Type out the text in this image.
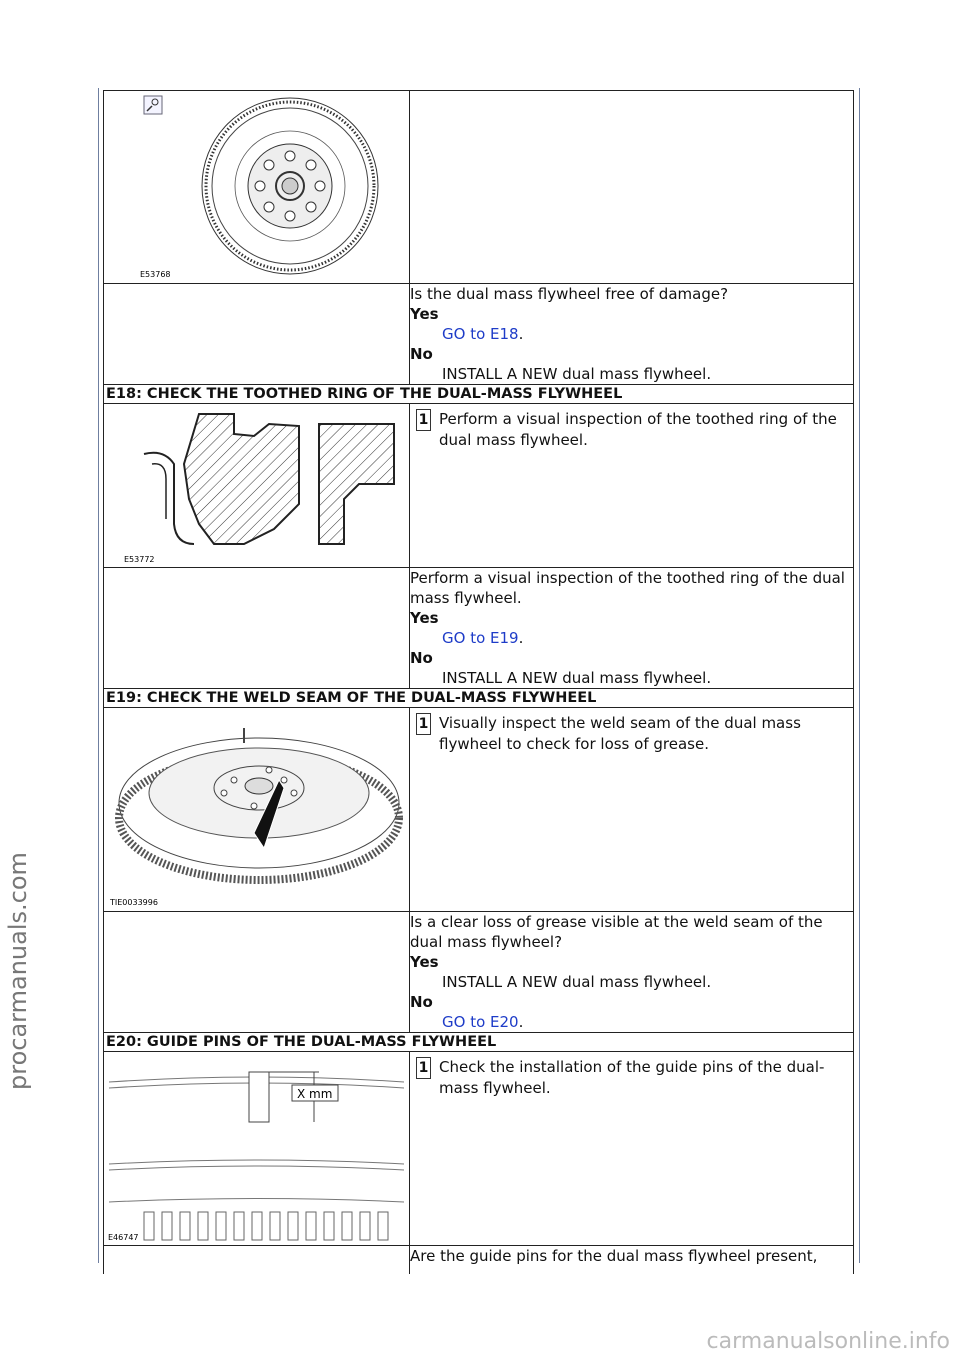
procarmanuals.com
E53768	

	Is the dual mass flywheel free of damage?
Yes
GO to E18.
No
INSTALL A NEW dual mass flywheel.

E18: CHECK THE TOOTHED RING OF THE DUAL-MASS FLYWHEEL	

E53772	1 Perform a visual inspection of the toothed ring of the dual mass flywheel.

	Perform a visual inspection of the toothed ring of the dual mass flywheel.
Yes
GO to E19.
No
INSTALL A NEW dual mass flywheel.

E19: CHECK THE WELD SEAM OF THE DUAL-MASS FLYWHEEL	

TIE0033996	1 Visually inspect the weld seam of the dual mass flywheel to check for loss of grease.

	Is a clear loss of grease visible at the weld seam of the dual mass flywheel?
Yes
INSTALL A NEW dual mass flywheel.
No
GO to E20.

E20: GUIDE PINS OF THE DUAL-MASS FLYWHEEL	

X mm
E46747	1 Check the installation of the guide pins of the dual-mass flywheel.

	Are the guide pins for the dual mass flywheel present,
carmanualsonline.info
